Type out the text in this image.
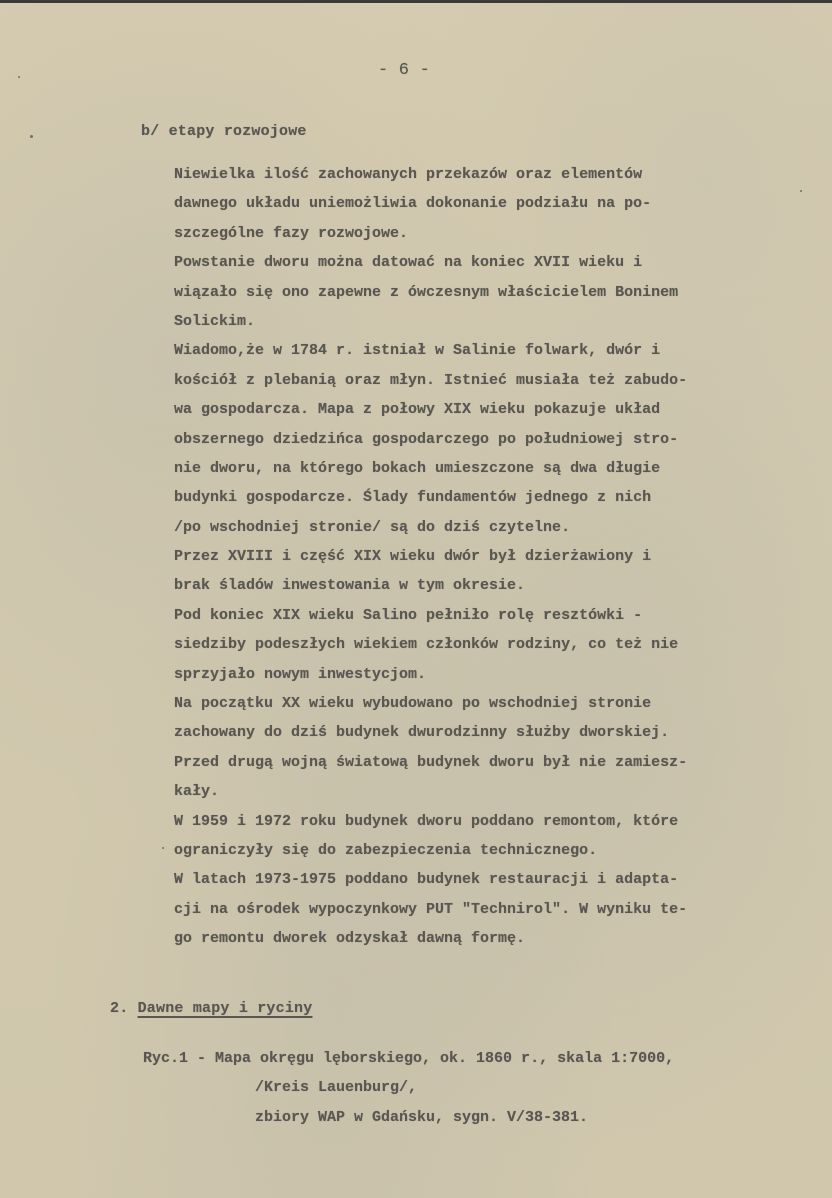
- 6 -
b/ etapy rozwojowe
Niewielka ilość zachowanych przekazów oraz elementów
dawnego układu uniemożliwia dokonanie podziału na po-
szczególne fazy rozwojowe.
Powstanie dworu można datować na koniec XVII wieku i
wiązało się ono zapewne z ówczesnym właścicielem Boninem
Solickim.
Wiadomo,że w 1784 r. istniał w Salinie folwark, dwór i
kościół z plebanią oraz młyn. Istnieć musiała też zabudo-
wa gospodarcza. Mapa z połowy XIX wieku pokazuje układ
obszernego dziedzińca gospodarczego po południowej stro-
nie dworu, na którego bokach umieszczone są dwa długie
budynki gospodarcze. Ślady fundamentów jednego z nich
/po wschodniej stronie/ są do dziś czytelne.
Przez XVIII i część XIX wieku dwór był dzierżawiony i
brak śladów inwestowania w tym okresie.
Pod koniec XIX wieku Salino pełniło rolę resztówki -
siedziby podeszłych wiekiem członków rodziny, co też nie
sprzyjało nowym inwestycjom.
Na początku XX wieku wybudowano po wschodniej stronie
zachowany do dziś budynek dwurodzinny służby dworskiej.
Przed drugą wojną światową budynek dworu był nie zamiesz-
kały.
W 1959 i 1972 roku budynek dworu poddano remontom, które
ograniczyły się do zabezpieczenia technicznego.
W latach 1973-1975 poddano budynek restauracji i adapta-
cji na ośrodek wypoczynkowy PUT "Technirol". W wyniku te-
go remontu dworek odzyskał dawną formę.
2. Dawne mapy i ryciny
Ryc.1 - Mapa okręgu lęborskiego, ok. 1860 r., skala 1:7000,
/Kreis Lauenburg/,
zbiory WAP w Gdańsku, sygn. V/38-381.
